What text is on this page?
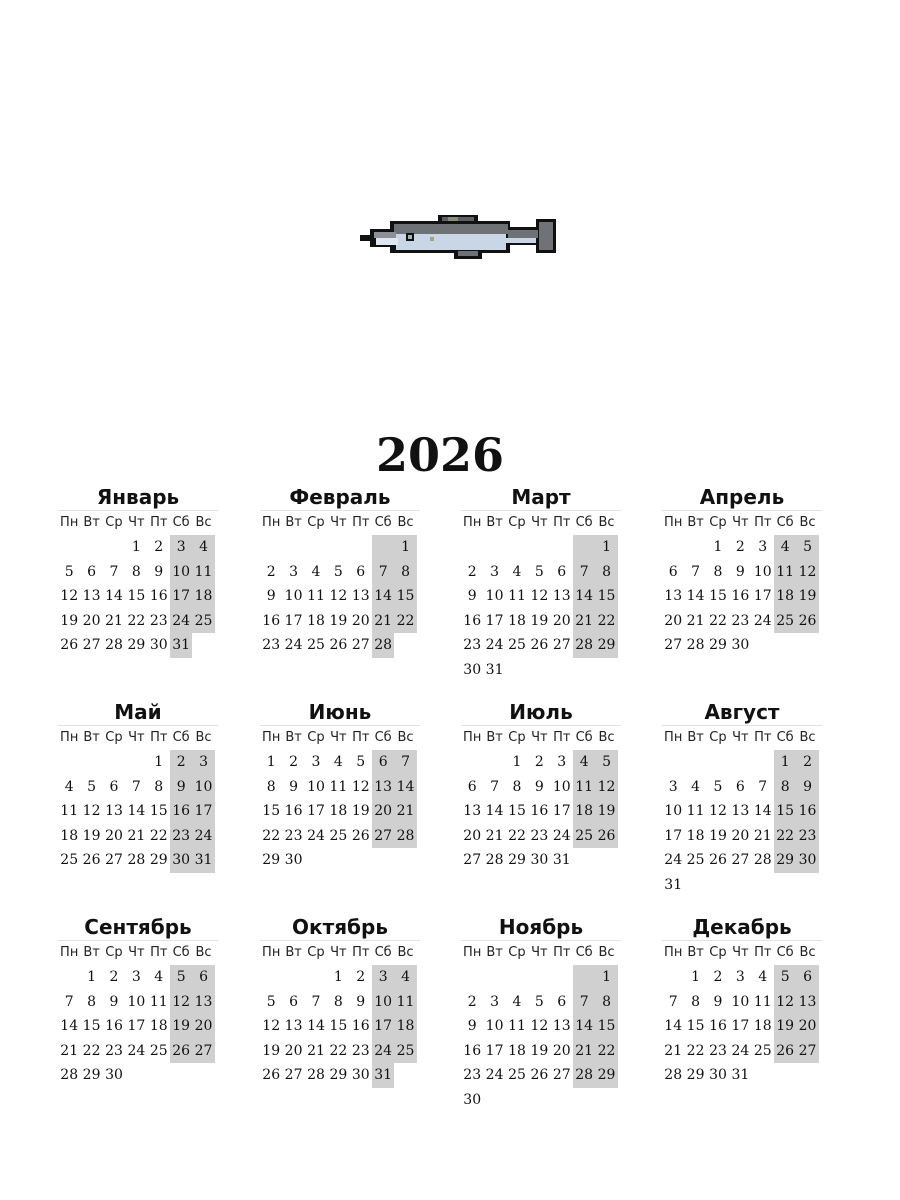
2026
Январь
Пн Вт Ср Чт Пт Сб Вс
1 2 3 4
5 6 7 8 9 10 11
12 13 14 15 16 17 18
19 20 21 22 23 24 25
26 27 28 29 30 31
Февраль
Пн Вт Ср Чт Пт Сб Вс
1
2 3 4 5 6 7 8
9 10 11 12 13 14 15
16 17 18 19 20 21 22
23 24 25 26 27 28
Март
Пн Вт Ср Чт Пт Сб Вс
1
2 3 4 5 6 7 8
9 10 11 12 13 14 15
16 17 18 19 20 21 22
23 24 25 26 27 28 29
30 31
Апрель
Пн Вт Ср Чт Пт Сб Вс
1 2 3 4 5
6 7 8 9 10 11 12
13 14 15 16 17 18 19
20 21 22 23 24 25 26
27 28 29 30
Май
Пн Вт Ср Чт Пт Сб Вс
1 2 3
4 5 6 7 8 9 10
11 12 13 14 15 16 17
18 19 20 21 22 23 24
25 26 27 28 29 30 31
Июнь
Пн Вт Ср Чт Пт Сб Вс
1 2 3 4 5 6 7
8 9 10 11 12 13 14
15 16 17 18 19 20 21
22 23 24 25 26 27 28
29 30
Июль
Пн Вт Ср Чт Пт Сб Вс
1 2 3 4 5
6 7 8 9 10 11 12
13 14 15 16 17 18 19
20 21 22 23 24 25 26
27 28 29 30 31
Август
Пн Вт Ср Чт Пт Сб Вс
1 2
3 4 5 6 7 8 9
10 11 12 13 14 15 16
17 18 19 20 21 22 23
24 25 26 27 28 29 30
31
Сентябрь
Пн Вт Ср Чт Пт Сб Вс
1 2 3 4 5 6
7 8 9 10 11 12 13
14 15 16 17 18 19 20
21 22 23 24 25 26 27
28 29 30
Октябрь
Пн Вт Ср Чт Пт Сб Вс
1 2 3 4
5 6 7 8 9 10 11
12 13 14 15 16 17 18
19 20 21 22 23 24 25
26 27 28 29 30 31
Ноябрь
Пн Вт Ср Чт Пт Сб Вс
1
2 3 4 5 6 7 8
9 10 11 12 13 14 15
16 17 18 19 20 21 22
23 24 25 26 27 28 29
30
Декабрь
Пн Вт Ср Чт Пт Сб Вс
1 2 3 4 5 6
7 8 9 10 11 12 13
14 15 16 17 18 19 20
21 22 23 24 25 26 27
28 29 30 31
